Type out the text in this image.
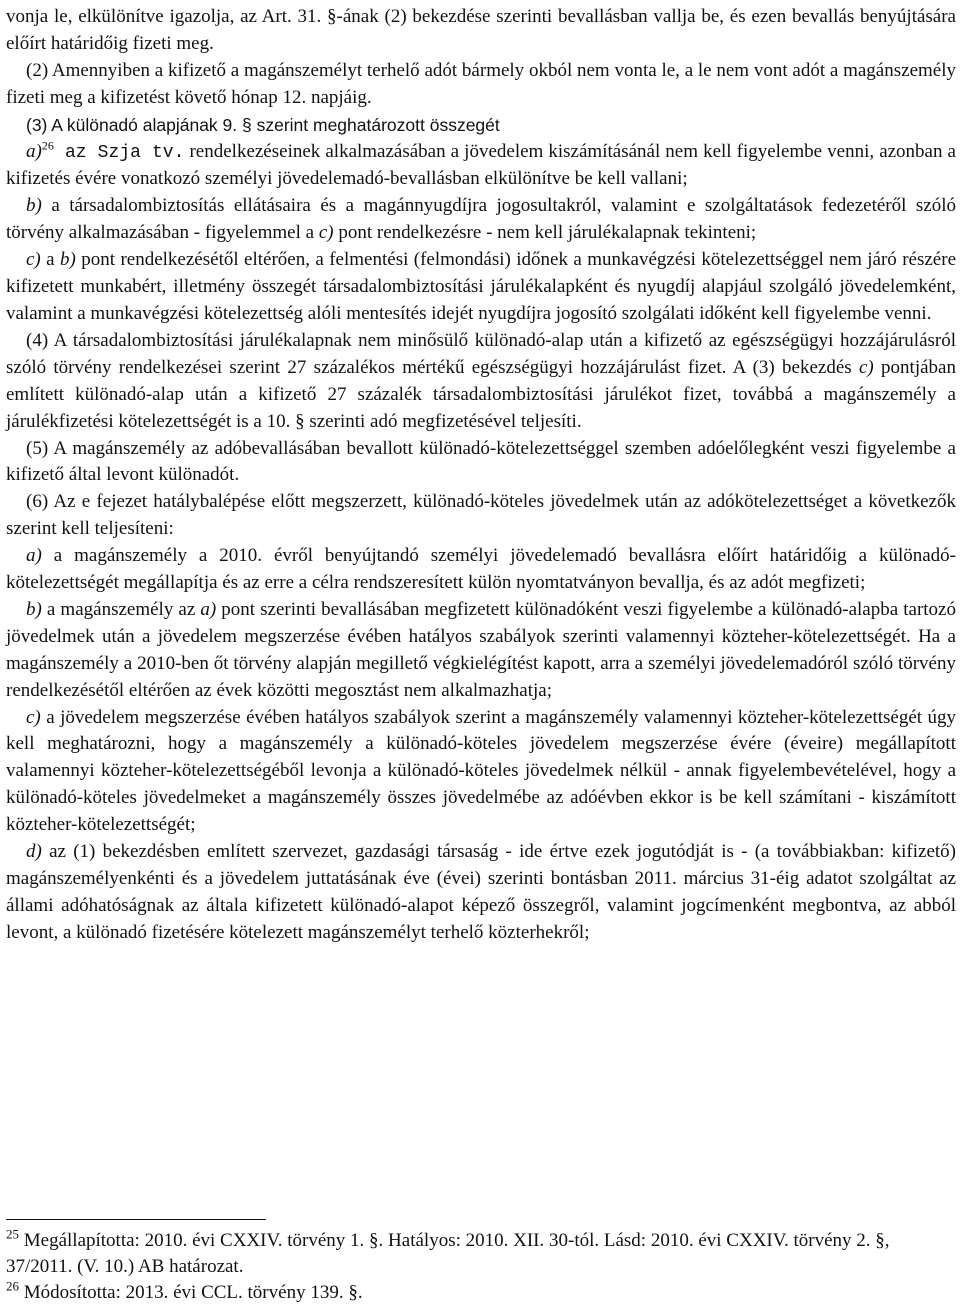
vonja le, elkülönítve igazolja, az Art. 31. §-ának (2) bekezdése szerinti bevallásban vallja be, és ezen bevallás benyújtására előírt határidőig fizeti meg.

(2) Amennyiben a kifizető a magánszemélyt terhelő adót bármely okból nem vonta le, a le nem vont adót a magánszemély fizeti meg a kifizetést követő hónap 12. napjáig.

(3) A különadó alapjának 9. § szerint meghatározott összegét

a)$^{26}$ az Szja tv. rendelkezéseinek alkalmazásában a jövedelem kiszámításánál nem kell figyelembe venni, azonban a kifizetés évére vonatkozó személyi jövedelemadó-bevallásban elkülönítve be kell vallani;

b) a társadalombiztosítás ellátásaira és a magánnyugdíjra jogosultakról, valamint e szolgáltatások fedezetéről szóló törvény alkalmazásában - figyelemmel a c) pont rendelkezésre - nem kell járulékalapnak tekinteni;

c) a b) pont rendelkezésétől eltérően, a felmentési (felmondási) időnek a munkavégzési kötelezettséggel nem járó részére kifizetett munkabért, illetmény összegét társadalombiztosítási járulékalapként és nyugdíj alapjául szolgáló jövedelemként, valamint a munkavégzési kötelezettség alóli mentesítés idejét nyugdíjra jogosító szolgálati időként kell figyelembe venni.

(4) A társadalombiztosítási járulékalapnak nem minősülő különadó-alap után a kifizető az egészségügyi hozzájárulásról szóló törvény rendelkezései szerint 27 százalékos mértékű egészségügyi hozzájárulást fizet. A (3) bekezdés c) pontjában említett különadó-alap után a kifizető 27 százalék társadalombiztosítási járulékot fizet, továbbá a magánszemély a járulékfizetési kötelezettségét is a 10. § szerinti adó megfizetésével teljesíti.

(5) A magánszemély az adóbevallásában bevallott különadó-kötelezettséggel szemben adóelőlegként veszi figyelembe a kifizető által levont különadót.

(6) Az e fejezet hatálybalépése előtt megszerzett, különadó-köteles jövedelmek után az adókötelezettséget a következők szerint kell teljesíteni:

a) a magánszemély a 2010. évről benyújtandó személyi jövedelemadó bevallásra előírt határidőig a különadó-kötelezettségét megállapítja és az erre a célra rendszeresített külön nyomtatványon bevallja, és az adót megfizeti;

b) a magánszemély az a) pont szerinti bevallásában megfizetett különadóként veszi figyelembe a különadó-alapba tartozó jövedelmek után a jövedelem megszerzése évében hatályos szabályok szerinti valamennyi közteher-kötelezettségét. Ha a magánszemély a 2010-ben őt törvény alapján megillető végkielégítést kapott, arra a személyi jövedelemadóról szóló törvény rendelkezésétől eltérően az évek közötti megosztást nem alkalmazhatja;

c) a jövedelem megszerzése évében hatályos szabályok szerint a magánszemély valamennyi közteher-kötelezettségét úgy kell meghatározni, hogy a magánszemély a különadó-köteles jövedelem megszerzése évére (éveire) megállapított valamennyi közteher-kötelezettségéből levonja a különadó-köteles jövedelmek nélkül - annak figyelembevételével, hogy a különadó-köteles jövedelmeket a magánszemély összes jövedelmébe az adóévben ekkor is be kell számítani - kiszámított közteher-kötelezettségét;

d) az (1) bekezdésben említett szervezet, gazdasági társaság - ide értve ezek jogutódját is - (a továbbiakban: kifizető) magánszemélyenkénti és a jövedelem juttatásának éve (évei) szerinti bontásban 2011. március 31-éig adatot szolgáltat az állami adóhatóságnak az általa kifizetett különadó-alapot képező összegről, valamint jogcímenként megbontva, az abból levont, a különadó fizetésére kötelezett magánszemélyt terhelő közterhekről;

$^{25}$ Megállapította: 2010. évi CXXIV. törvény 1. §. Hatályos: 2010. XII. 30-tól. Lásd: 2010. évi CXXIV. törvény 2. §, 37/2011. (V. 10.) AB határozat.

$^{26}$ Módosította: 2013. évi CCL. törvény 139. §.
